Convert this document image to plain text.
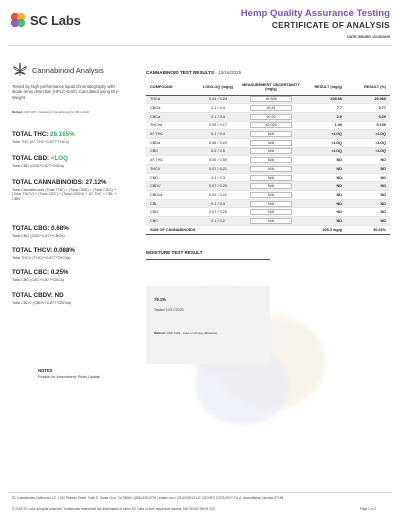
SC Labs	Hemp Quality Assurance Testing
CERTIFICATE OF ANALYSIS
DATE ISSUED 12/15/2025
Cannabinoid Analysis
Tested by high-performance liquid chromatography with diode-array detection (HPLC-DAD). Calculated using Dry-Weight.
Method: QSP 1157 - Analysis of Cannabinoids by HPLC-DAD
TOTAL THC: 26.165%
Total THC (Δ⁹-THC+0.877*THCa)
TOTAL CBD: <LOQ
Total CBD (CBD+0.877*CBDa)
TOTAL CANNABINOIDS: 27.12%
Total Cannabinoids (Total THC) + (Total CBD) + (Total CBG) + (Total THCV) + (Total CBC) + (Total CBDV) + Δ⁸-THC + CBL + CBN
TOTAL CBG: 0.68%
Total CBG (CBG+0.877*CBGa)
TOTAL THCV: 0.088%
Total THCV (THCV+0.877*THCVa)
TOTAL CBC: 0.25%
Total CBC (CBC+0.877*CBCa)
TOTAL CBDV: ND
Total CBDV (CBDV+0.877*CBDVa)
CANNABINOID TEST RESULTS - 10/16/2025
COMPOUND	LOD/LOQ (mg/g)	MEASUREMENT UNCERTAINTY (mg/g)	RESULT (mg/g)	RESULT (%)
THCa	0.04 / 0.24	±9.555	299.66	29.966
CBGa	0.1 / 0.4	±0.41	7.7	0.77
CBCa	0.1 / 0.4	±0.20	2.9	0.29
THCVa	0.05 / 0.17	±0.024	1.00	0.100
Δ⁹-THC	0.1 / 0.4	N/A	<LOQ	<LOQ
CBDa	0.06 / 0.22	N/A	<LOQ	<LOQ
CBG	0.2 / 0.5	N/A	<LOQ	<LOQ
Δ⁸-THC	0.05 / 0.50	N/A	ND	ND
THCV	0.07 / 0.21	N/A	ND	ND
CBD	0.1 / 0.3	N/A	ND	ND
CBDV	0.07 / 0.20	N/A	ND	ND
CBDVa	0.02 / 0.22	N/A	ND	ND
CBL	0.1 / 0.4	N/A	ND	ND
CBN	0.07 / 0.20	N/A	ND	ND
CBC	0.1 / 0.2	N/A	ND	ND
SUM OF CANNABINOIDS			309.3 mg/g	30.93%
MOISTURE TEST RESULT
79.1%
Tested 10/17/2025
Method: QSP 1324 - Loss on Drying (Moisture)
NOTES
Reason for Amendment: Photo Update
SC Laboratories California LLC. | 100 Pioneer Street, Suite E, Santa Cruz, CA 95060 | (866) 435-0709 | sclabs.com | C8-0000013-LIC | ISO/IES 17025:2017 P.A.A. Accreditation Number 87168
© 2025 SC Labs all rights reserved. Trademarks referenced are trademarks of either SC Labs or their respective owners. MKT00162 REV8 2/22	Page 2 of 2
